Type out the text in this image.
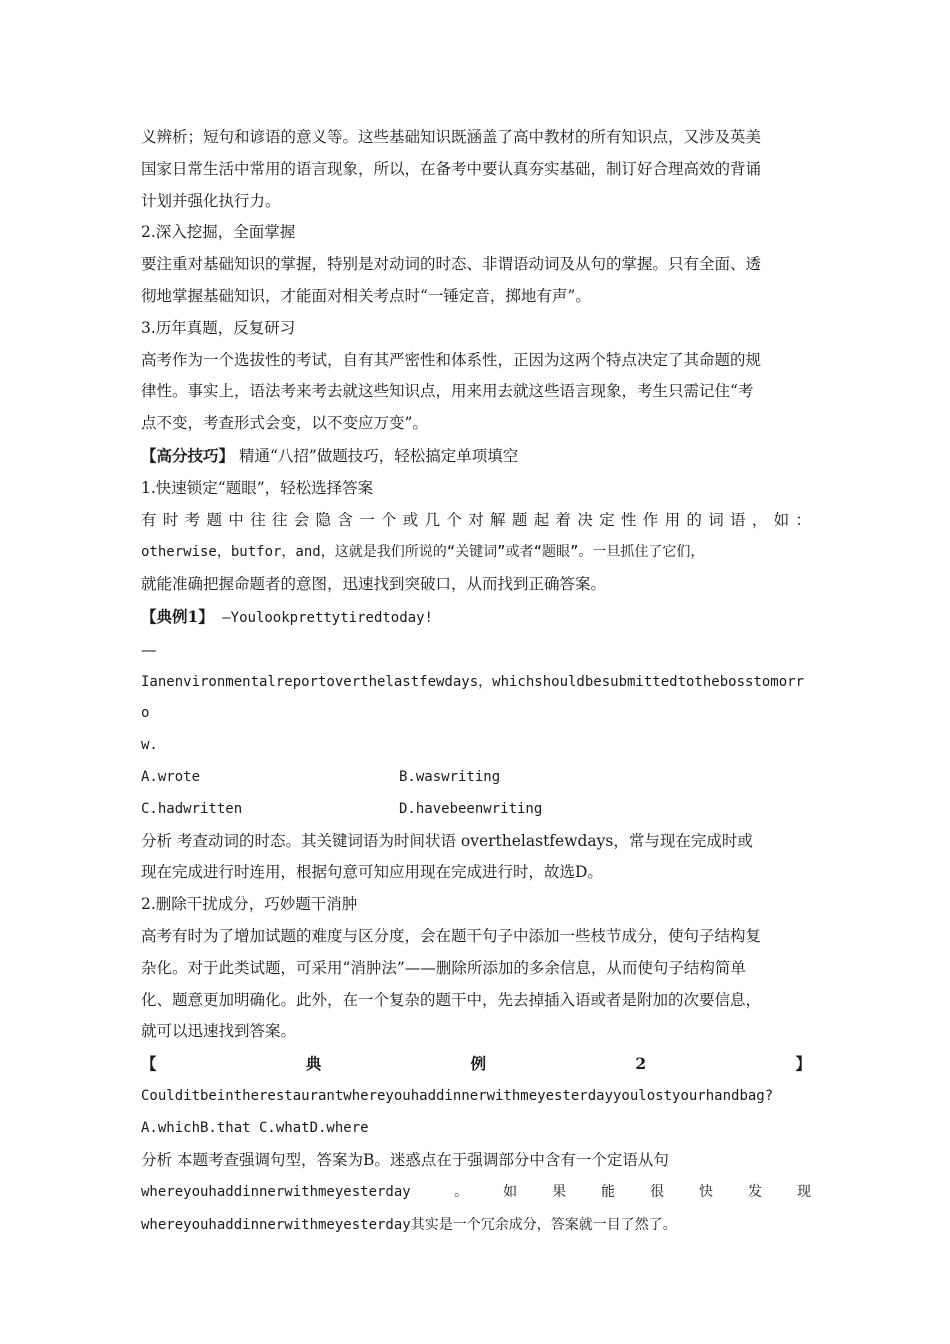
义辨析；短句和谚语的意义等。这些基础知识既涵盖了高中教材的所有知识点，又涉及英美

国家日常生活中常用的语言现象，所以，在备考中要认真夯实基础，制订好合理高效的背诵

计划并强化执行力。

2.深入挖掘，全面掌握

要注重对基础知识的掌握，特别是对动词的时态、非谓语动词及从句的掌握。只有全面、透

彻地掌握基础知识，才能面对相关考点时“一锤定音，掷地有声”。

3.历年真题，反复研习

高考作为一个选拔性的考试，自有其严密性和体系性，正因为这两个特点决定了其命题的规

律性。事实上，语法考来考去就这些知识点，用来用去就这些语言现象，考生只需记住“考

点不变，考查形式会变，以不变应万变”。

【高分技巧】 精通“八招”做题技巧，轻松搞定单项填空

1.快速锁定“题眼”，轻松选择答案

有时考题中往往会隐含一个或几个对解题起着决定性作用的词语，如：

otherwise，butfor，and，这就是我们所说的“关键词”或者“题眼”。一旦抓住了它们，

就能准确把握命题者的意图，迅速找到突破口，从而找到正确答案。

【典例1】 —Youlookprettytiredtoday!

—

Ianenvironmentalreportoverthelastfewdays，whichshouldbesubmittedtothebosstomorro

w.

A.wrote	B.waswriting
C.hadwritten	D.havebeenwriting

分析 考查动词的时态。其关键词语为时间状语 overthelastfewdays，常与现在完成时或

现在完成进行时连用，根据句意可知应用现在完成进行时，故选D。

2.删除干扰成分，巧妙题干消肿

高考有时为了增加试题的难度与区分度，会在题干句子中添加一些枝节成分，使句子结构复

杂化。对于此类试题，可采用“消肿法”——删除所添加的多余信息，从而使句子结构简单

化、题意更加明确化。此外，在一个复杂的题干中，先去掉插入语或者是附加的次要信息，

就可以迅速找到答案。

【典例2】

Coulditbeintherestaurantwhereyouhaddinnerwithmeyesterdayyoulostyourhandbag?

A.whichB.that C.whatD.where

分析 本题考查强调句型，答案为B。迷惑点在于强调部分中含有一个定语从句

whereyouhaddinnerwithmeyesterday 。如果能很快发现

whereyouhaddinnerwithmeyesterday其实是一个冗余成分，答案就一目了然了。
